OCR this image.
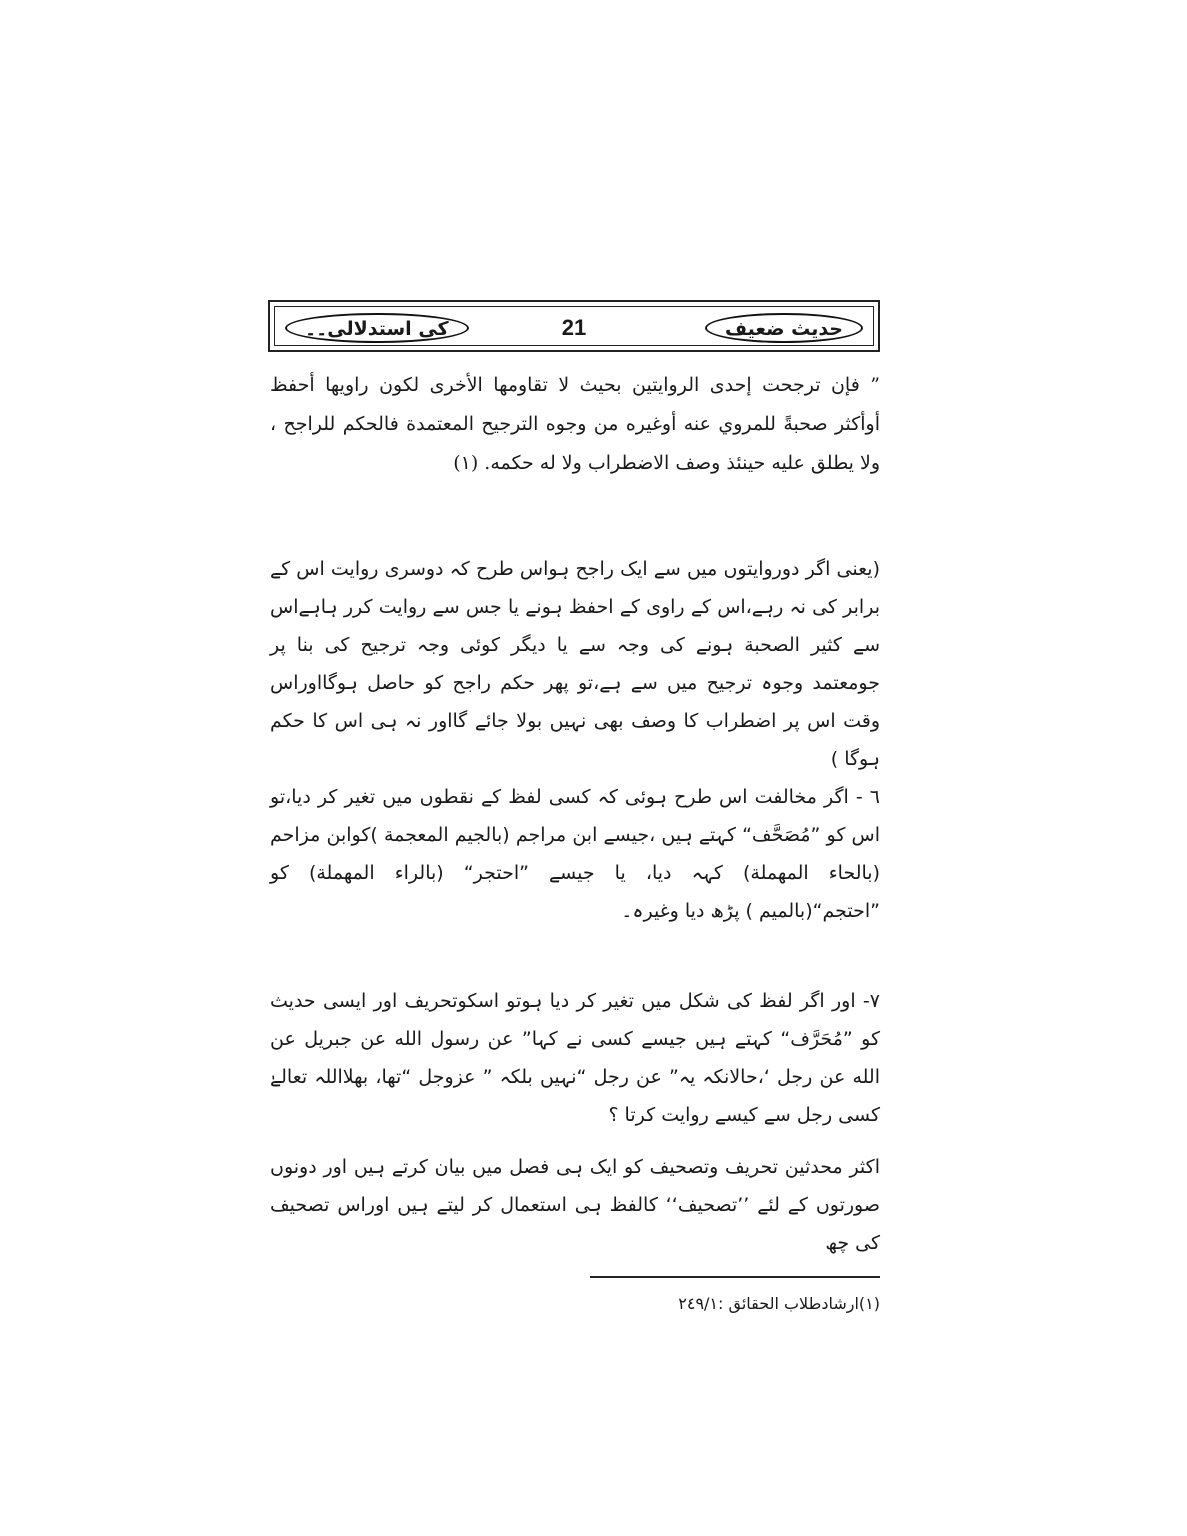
حديث ضعيف
21
كى استدلالى۔۔
” فإن ترجحت إحدى الروايتين بحيث لا تقاومها الأخرى لكون راويها أحفظ أوأكثر صحبةً للمروي عنه أوغيره من وجوه الترجيح المعتمدة فالحكم للراجح ، ولا يطلق عليه حينئذ وصف الاضطراب ولا له حكمه. (١)
(یعنی اگر دوروایتوں میں سے ایک راجح ہواس طرح کہ دوسری روایت اس کے برابر کی نہ رہے،اس کے راوی کے احفظ ہونے یا جس سے روایت کرر ہاہےاس سے کثیر الصحبة ہونے کی وجہ سے یا دیگر کوئی وجہ ترجیح کی بنا پر جومعتمد وجوہ ترجیح میں سے ہے،تو پھر حکم راجح کو حاصل ہوگااوراس وقت اس پر اضطراب کا وصف بھی نہیں بولا جائے گااور نہ ہی اس کا حکم ہوگا )
٦ - اگر مخالفت اس طرح ہوئی کہ کسی لفظ کے نقطوں میں تغیر کر دیا،تو اس کو ”مُصَحَّف“ کہتے ہیں ،جیسے ابن مراجم (بالجيم المعجمة )کوابن مزاحم (بالحاء المهملة) کہہ دیا، یا جیسے ”احتجر“ (بالراء المهملة) کو ”احتجم“(بالميم ) پڑھ دیا وغیرہ۔
٧- اور اگر لفظ کی شکل میں تغیر کر دیا ہوتو اسکوتحریف اور ایسی حدیث کو ”مُحَرَّف“ کہتے ہیں جیسے کسی نے کہا” عن رسول الله عن جبريل عن الله عن رجل ‘،حالانکہ یہ” عن رجل “نہیں بلکہ ” عزوجل “تھا، بھلااللہ تعالےٰ کسی رجل سے کیسے روایت کرتا ؟
اکثر محدثین تحریف وتصحیف کو ایک ہی فصل میں بیان کرتے ہیں اور دونوں صورتوں کے لئے ’’تصحیف‘‘ کالفظ ہی استعمال کر لیتے ہیں اوراس تصحیف کی چھ
(١)ارشادطلاب الحقائق :٢٤٩/١
